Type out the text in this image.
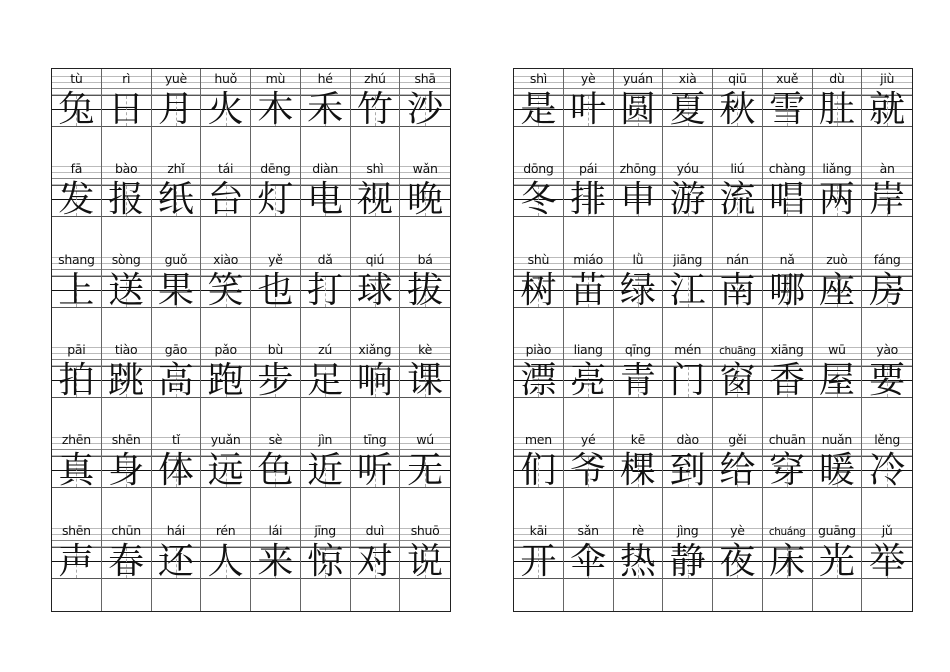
tù
兔
rì
日
yuè
月
huǒ
火
mù
木
hé
禾
zhú
竹
shā
沙
fā
发
bào
报
zhǐ
纸
tái
台
dēng
灯
diàn
电
shì
视
wǎn
晚
shang
上
sòng
送
guǒ
果
xiào
笑
yě
也
dǎ
打
qiú
球
bá
拔
pāi
拍
tiào
跳
gāo
高
pǎo
跑
bù
步
zú
足
xiǎng
响
kè
课
zhēn
真
shēn
身
tǐ
体
yuǎn
远
sè
色
jìn
近
tīng
听
wú
无
shēn
声
chūn
春
hái
还
rén
人
lái
来
jīng
惊
duì
对
shuō
说
shì
是
yè
叶
yuán
圆
xià
夏
qiū
秋
xuě
雪
dù
肚
jiù
就
dōng
冬
pái
排
zhōng
申
yóu
游
liú
流
chàng
唱
liǎng
两
àn
岸
shù
树
miáo
苗
lǜ
绿
jiāng
江
nán
南
nǎ
哪
zuò
座
fáng
房
piào
漂
liang
亮
qīng
青
mén
门
chuāng
窗
xiāng
香
wū
屋
yào
要
men
们
yé
爷
kē
棵
dào
到
gěi
给
chuān
穿
nuǎn
暖
lěng
冷
kāi
开
sǎn
伞
rè
热
jìng
静
yè
夜
chuáng
床
guāng
光
jǔ
举
